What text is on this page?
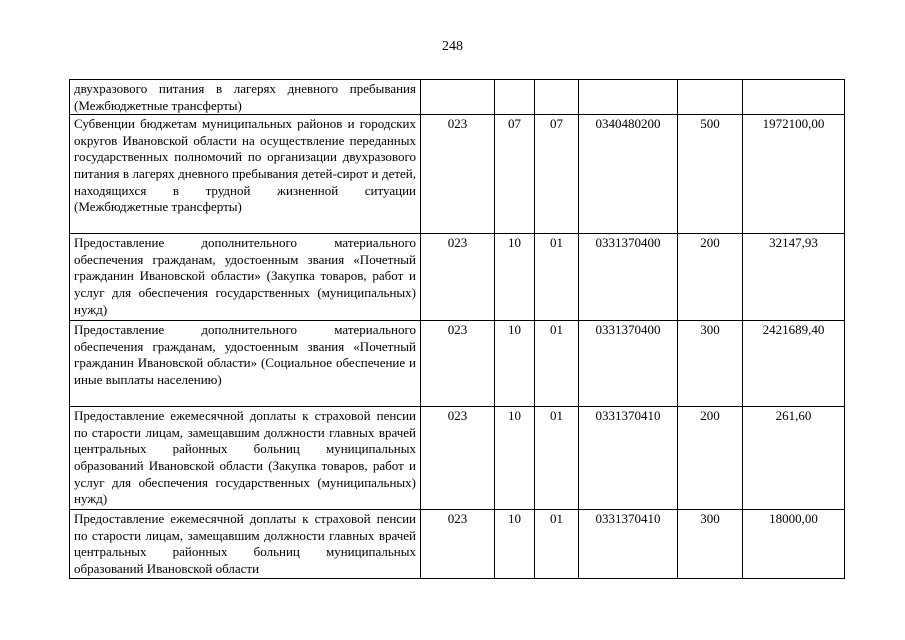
248
двухразового питания в лагерях дневного пребывания (Межбюджетные трансферты)						
Субвенции бюджетам муниципальных районов и городских округов Ивановской области на осуществление переданных государственных полномочий по организации двухразового питания в лагерях дневного пребывания детей-сирот и детей, находящихся в трудной жизненной ситуации (Межбюджетные трансферты)	023	07	07	0340480200	500	1972100,00
Предоставление дополнительного материального обеспечения гражданам, удостоенным звания «Почетный гражданин Ивановской области» (Закупка товаров, работ и услуг для обеспечения государственных (муниципальных) нужд)	023	10	01	0331370400	200	32147,93
Предоставление дополнительного материального обеспечения гражданам, удостоенным звания «Почетный гражданин Ивановской области» (Социальное обеспечение и иные выплаты населению)	023	10	01	0331370400	300	2421689,40
Предоставление ежемесячной доплаты к страховой пенсии по старости лицам, замещавшим должности главных врачей центральных районных больниц муниципальных образований Ивановской области (Закупка товаров, работ и услуг для обеспечения государственных (муниципальных) нужд)	023	10	01	0331370410	200	261,60
Предоставление ежемесячной доплаты к страховой пенсии по старости лицам, замещавшим должности главных врачей центральных районных больниц муниципальных образований Ивановской области	023	10	01	0331370410	300	18000,00
